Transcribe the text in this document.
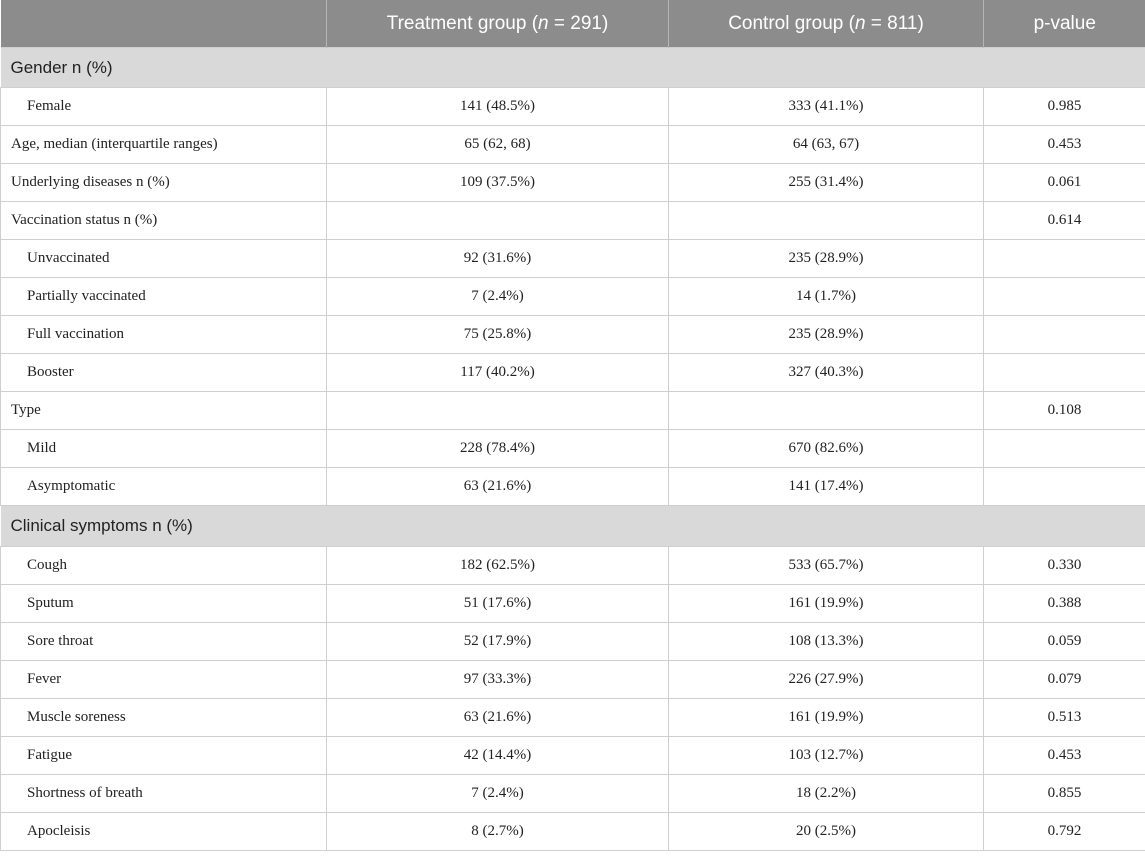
	Treatment group (n = 291)	Control group (n = 811)	p-value
Gender n (%)			
Female	141 (48.5%)	333 (41.1%)	0.985
Age, median (interquartile ranges)	65 (62, 68)	64 (63, 67)	0.453
Underlying diseases n (%)	109 (37.5%)	255 (31.4%)	0.061
Vaccination status n (%)			0.614
Unvaccinated	92 (31.6%)	235 (28.9%)	
Partially vaccinated	7 (2.4%)	14 (1.7%)	
Full vaccination	75 (25.8%)	235 (28.9%)	
Booster	117 (40.2%)	327 (40.3%)	
Type			0.108
Mild	228 (78.4%)	670 (82.6%)	
Asymptomatic	63 (21.6%)	141 (17.4%)	
Clinical symptoms n (%)			
Cough	182 (62.5%)	533 (65.7%)	0.330
Sputum	51 (17.6%)	161 (19.9%)	0.388
Sore throat	52 (17.9%)	108 (13.3%)	0.059
Fever	97 (33.3%)	226 (27.9%)	0.079
Muscle soreness	63 (21.6%)	161 (19.9%)	0.513
Fatigue	42 (14.4%)	103 (12.7%)	0.453
Shortness of breath	7 (2.4%)	18 (2.2%)	0.855
Apocleisis	8 (2.7%)	20 (2.5%)	0.792
